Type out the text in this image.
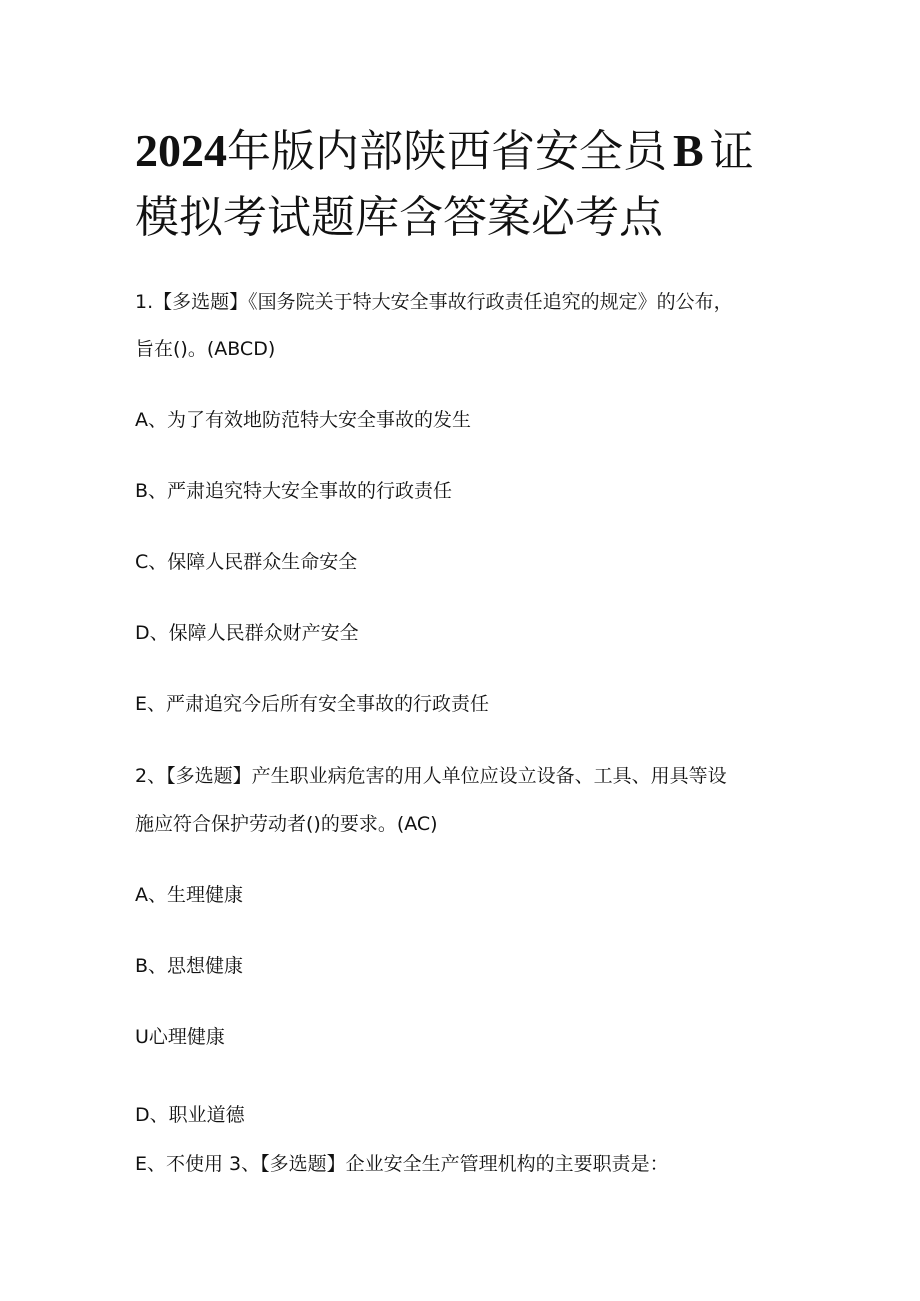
2024年版内部陕西省安全员 B 证
模拟考试题库含答案必考点
1.【多选题】《国务院关于特大安全事故行政责任追究的规定》的公布，
旨在()。(ABCD)
A、为了有效地防范特大安全事故的发生
B、严肃追究特大安全事故的行政责任
C、保障人民群众生命安全
D、保障人民群众财产安全
E、严肃追究今后所有安全事故的行政责任
2、【多选题】产生职业病危害的用人单位应设立设备、工具、用具等设
施应符合保护劳动者()的要求。(AC)
A、生理健康
B、思想健康
U心理健康
D、职业道德
E、不使用 3、【多选题】企业安全生产管理机构的主要职责是：
